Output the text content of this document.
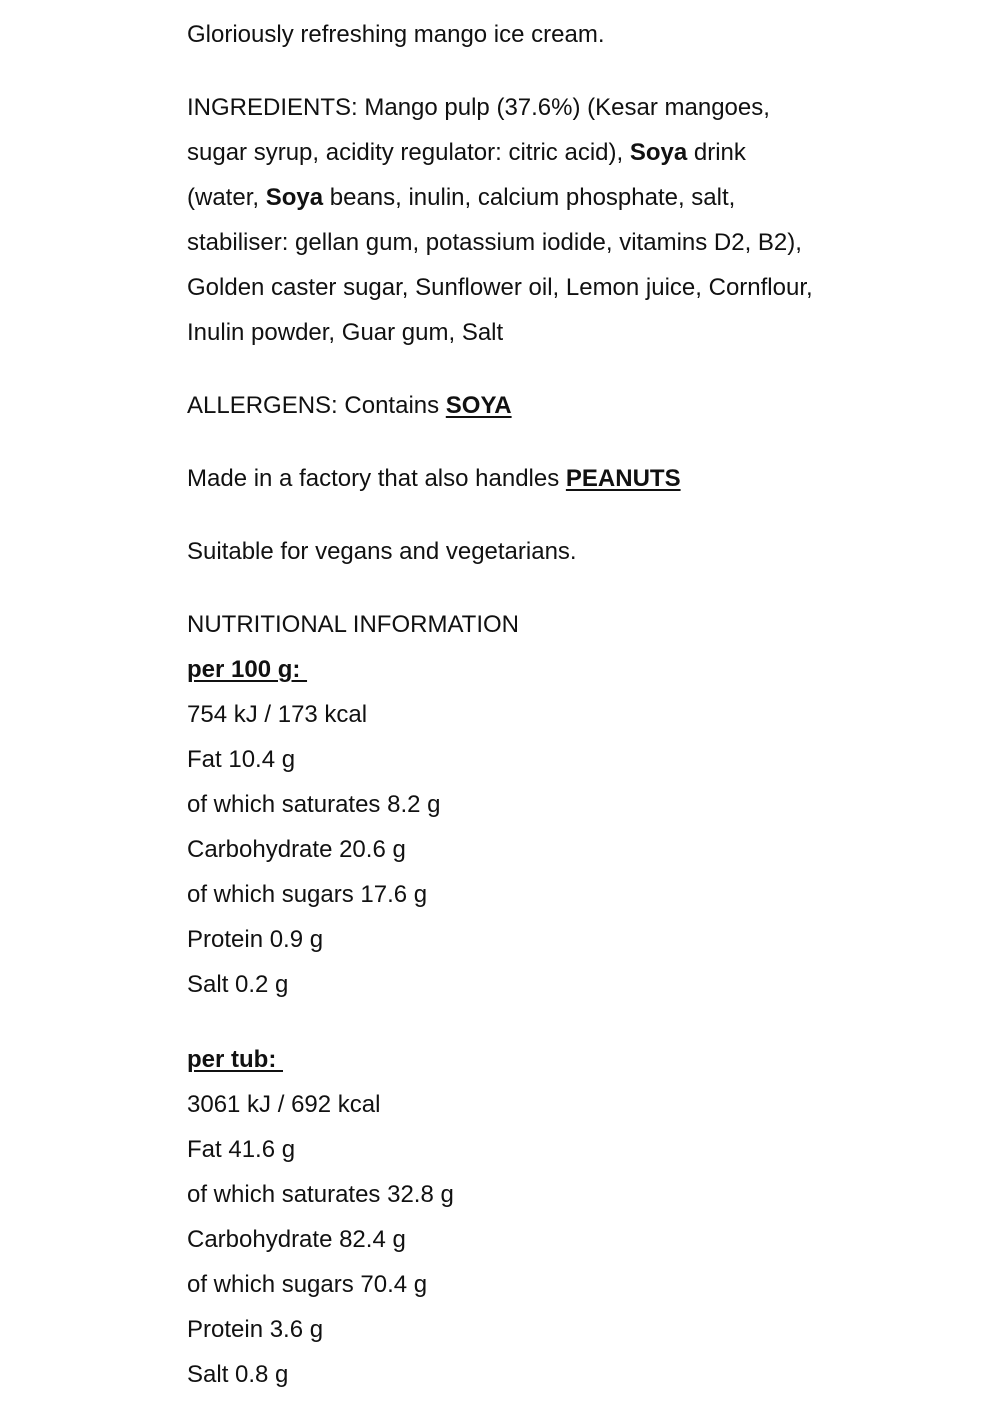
Gloriously refreshing mango ice cream.

INGREDIENTS: Mango pulp (37.6%) (Kesar mangoes,

sugar syrup, acidity regulator: citric acid), Soya drink

(water, Soya beans, inulin, calcium phosphate, salt,

stabiliser: gellan gum, potassium iodide, vitamins D2, B2),

Golden caster sugar, Sunflower oil, Lemon juice, Cornflour,

Inulin powder, Guar gum, Salt

ALLERGENS: Contains SOYA

Made in a factory that also handles PEANUTS

Suitable for vegans and vegetarians.

NUTRITIONAL INFORMATION

per 100 g:

754 kJ / 173 kcal

Fat 10.4 g

of which saturates 8.2 g

Carbohydrate 20.6 g

of which sugars 17.6 g

Protein 0.9 g

Salt 0.2 g

per tub:

3061 kJ / 692 kcal

Fat 41.6 g

of which saturates 32.8 g

Carbohydrate 82.4 g

of which sugars 70.4 g

Protein 3.6 g

Salt 0.8 g
